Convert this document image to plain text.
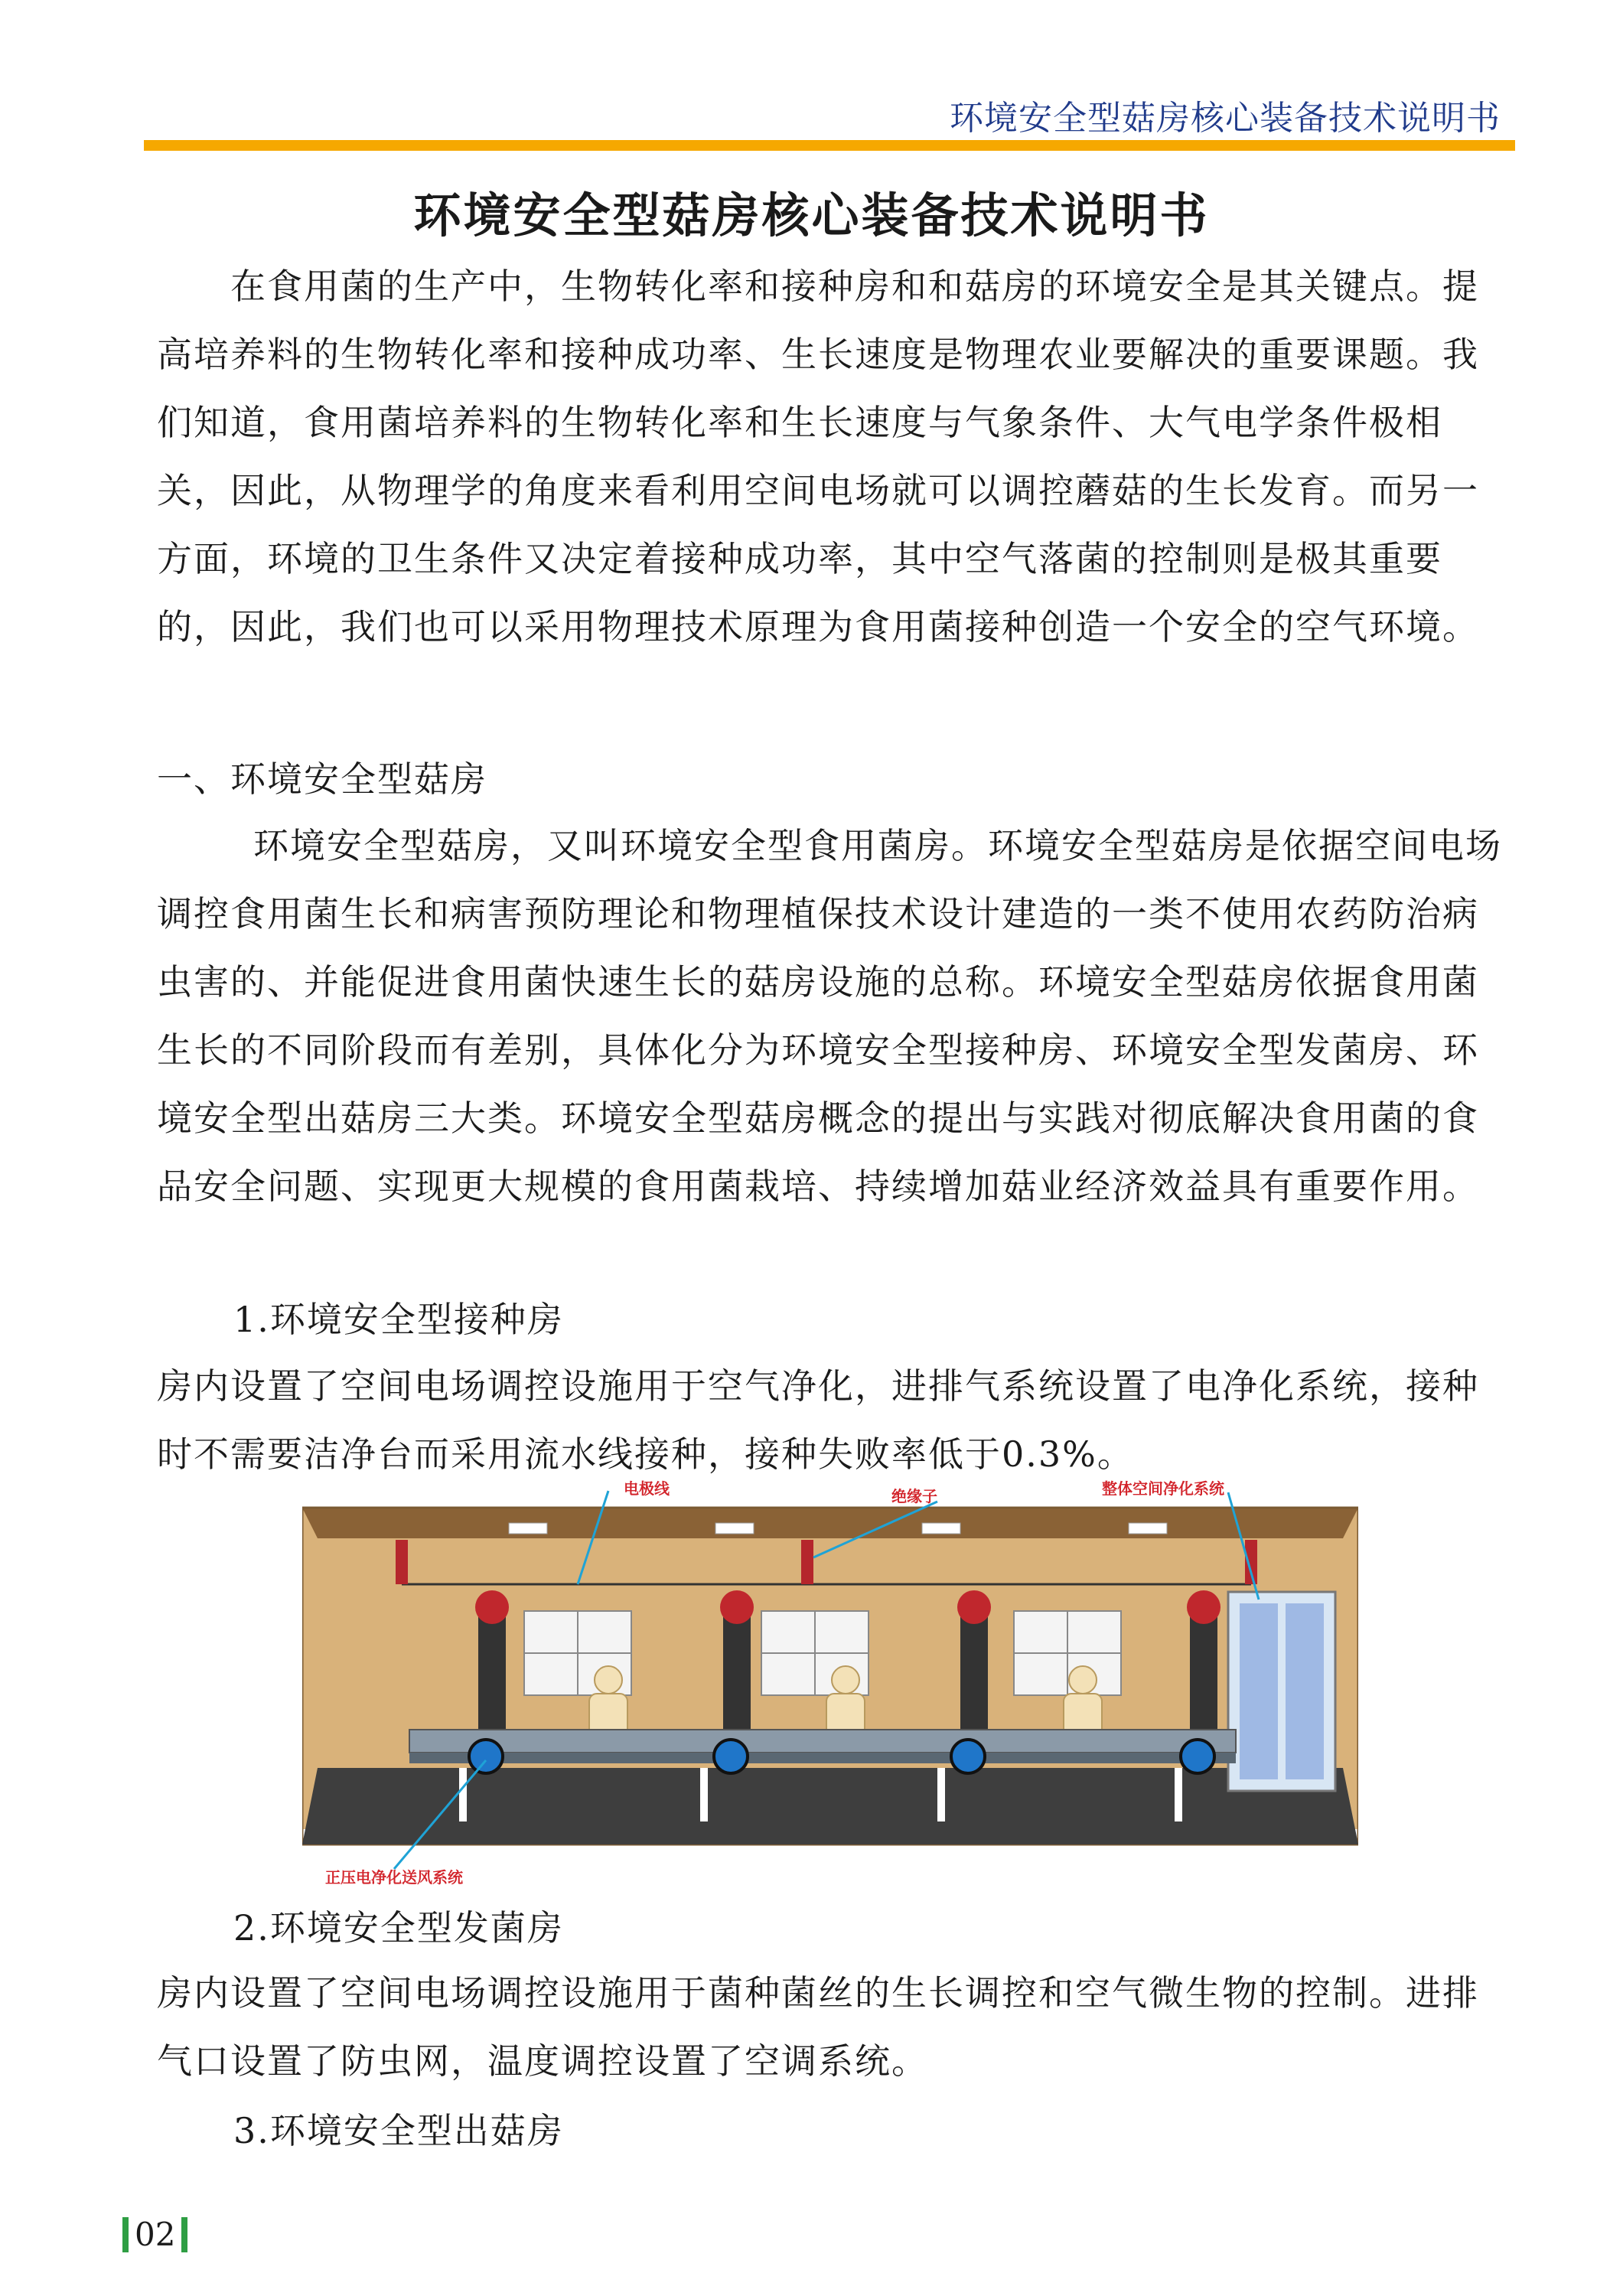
环境安全型菇房核心装备技术说明书
环境安全型菇房核心装备技术说明书

在食用菌的生产中，生物转化率和接种房和和菇房的环境安全是其关键点。提高培养料的生物转化率和接种成功率、生长速度是物理农业要解决的重要课题。我们知道，食用菌培养料的生物转化率和生长速度与气象条件、大气电学条件极相关，因此，从物理学的角度来看利用空间电场就可以调控蘑菇的生长发育。而另一方面，环境的卫生条件又决定着接种成功率，其中空气落菌的控制则是极其重要的，因此，我们也可以采用物理技术原理为食用菌接种创造一个安全的空气环境。

一、环境安全型菇房

环境安全型菇房，又叫环境安全型食用菌房。环境安全型菇房是依据空间电场调控食用菌生长和病害预防理论和物理植保技术设计建造的一类不使用农药防治病虫害的、并能促进食用菌快速生长的菇房设施的总称。环境安全型菇房依据食用菌生长的不同阶段而有差别，具体化分为环境安全型接种房、环境安全型发菌房、环境安全型出菇房三大类。环境安全型菇房概念的提出与实践对彻底解决食用菌的食品安全问题、实现更大规模的食用菌栽培、持续增加菇业经济效益具有重要作用。

1.环境安全型接种房

房内设置了空间电场调控设施用于空气净化，进排气系统设置了电净化系统，接种时不需要洁净台而采用流水线接种，接种失败率低于0.3%。

电极线	绝缘子	整体空间净化系统
正压电净化送风系统

2.环境安全型发菌房

房内设置了空间电场调控设施用于菌种菌丝的生长调控和空气微生物的控制。进排气口设置了防虫网，温度调控设置了空调系统。

3.环境安全型出菇房

02
